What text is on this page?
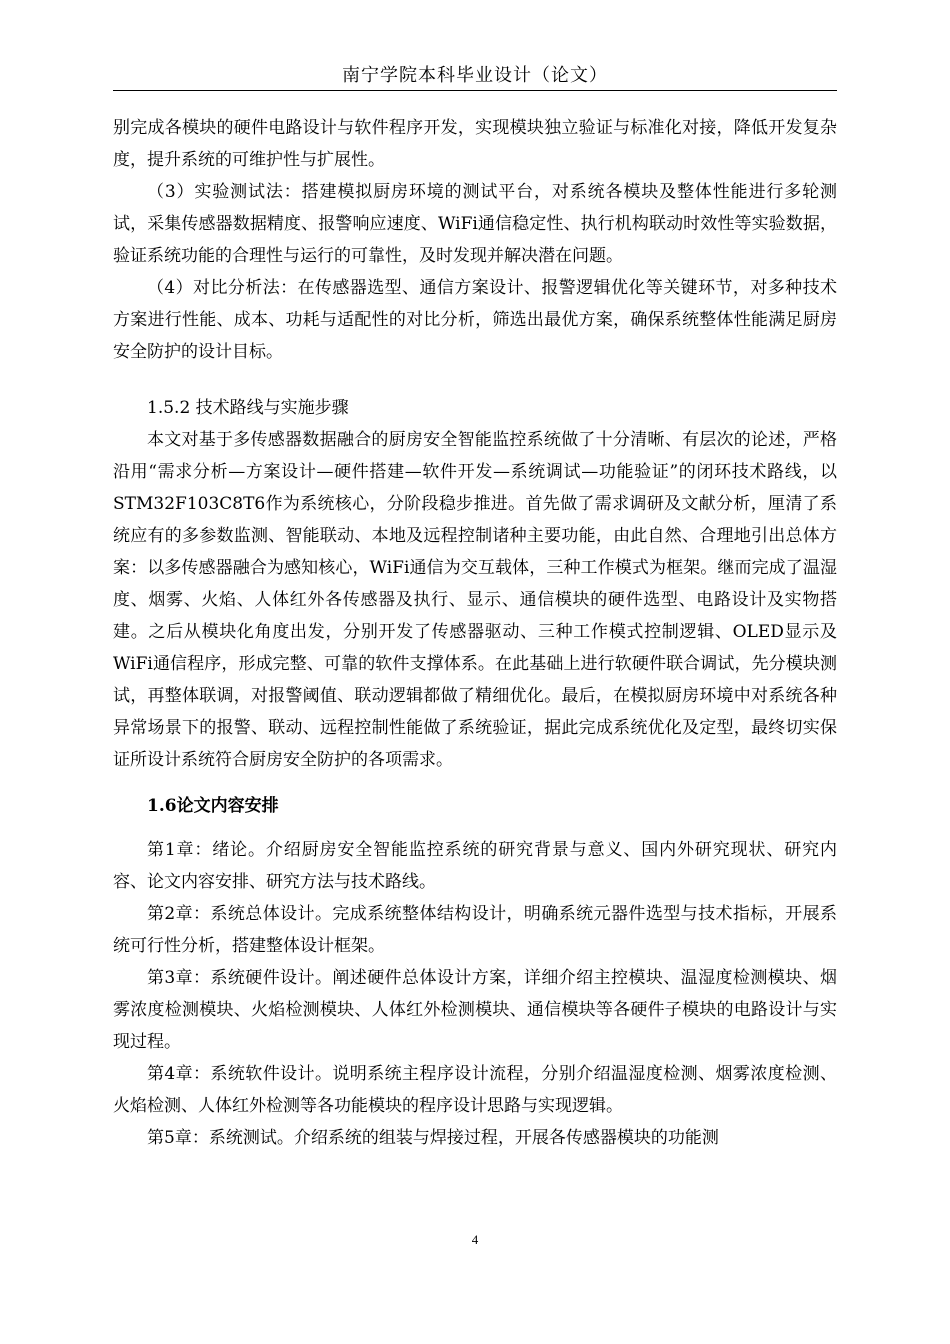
南宁学院本科毕业设计（论文）

别完成各模块的硬件电路设计与软件程序开发，实现模块独立验证与标准化对接，降低开发复杂度，提升系统的可维护性与扩展性。

（3）实验测试法：搭建模拟厨房环境的测试平台，对系统各模块及整体性能进行多轮测试，采集传感器数据精度、报警响应速度、WiFi通信稳定性、执行机构联动时效性等实验数据，验证系统功能的合理性与运行的可靠性，及时发现并解决潜在问题。

（4）对比分析法：在传感器选型、通信方案设计、报警逻辑优化等关键环节，对多种技术方案进行性能、成本、功耗与适配性的对比分析，筛选出最优方案，确保系统整体性能满足厨房安全防护的设计目标。

1.5.2 技术路线与实施步骤

本文对基于多传感器数据融合的厨房安全智能监控系统做了十分清晰、有层次的论述，严格沿用“需求分析—方案设计—硬件搭建—软件开发—系统调试—功能验证”的闭环技术路线，以STM32F103C8T6作为系统核心，分阶段稳步推进。首先做了需求调研及文献分析，厘清了系统应有的多参数监测、智能联动、本地及远程控制诸种主要功能，由此自然、合理地引出总体方案：以多传感器融合为感知核心，WiFi通信为交互载体，三种工作模式为框架。继而完成了温湿度、烟雾、火焰、人体红外各传感器及执行、显示、通信模块的硬件选型、电路设计及实物搭建。之后从模块化角度出发，分别开发了传感器驱动、三种工作模式控制逻辑、OLED显示及WiFi通信程序，形成完整、可靠的软件支撑体系。在此基础上进行软硬件联合调试，先分模块测试，再整体联调，对报警阈值、联动逻辑都做了精细优化。最后，在模拟厨房环境中对系统各种异常场景下的报警、联动、远程控制性能做了系统验证，据此完成系统优化及定型，最终切实保证所设计系统符合厨房安全防护的各项需求。

1.6论文内容安排

第1章：绪论。介绍厨房安全智能监控系统的研究背景与意义、国内外研究现状、研究内容、论文内容安排、研究方法与技术路线。

第2章：系统总体设计。完成系统整体结构设计，明确系统元器件选型与技术指标，开展系统可行性分析，搭建整体设计框架。

第3章：系统硬件设计。阐述硬件总体设计方案，详细介绍主控模块、温湿度检测模块、烟雾浓度检测模块、火焰检测模块、人体红外检测模块、通信模块等各硬件子模块的电路设计与实现过程。

第4章：系统软件设计。说明系统主程序设计流程，分别介绍温湿度检测、烟雾浓度检测、火焰检测、人体红外检测等各功能模块的程序设计思路与实现逻辑。

第5章：系统测试。介绍系统的组装与焊接过程，开展各传感器模块的功能测

4
